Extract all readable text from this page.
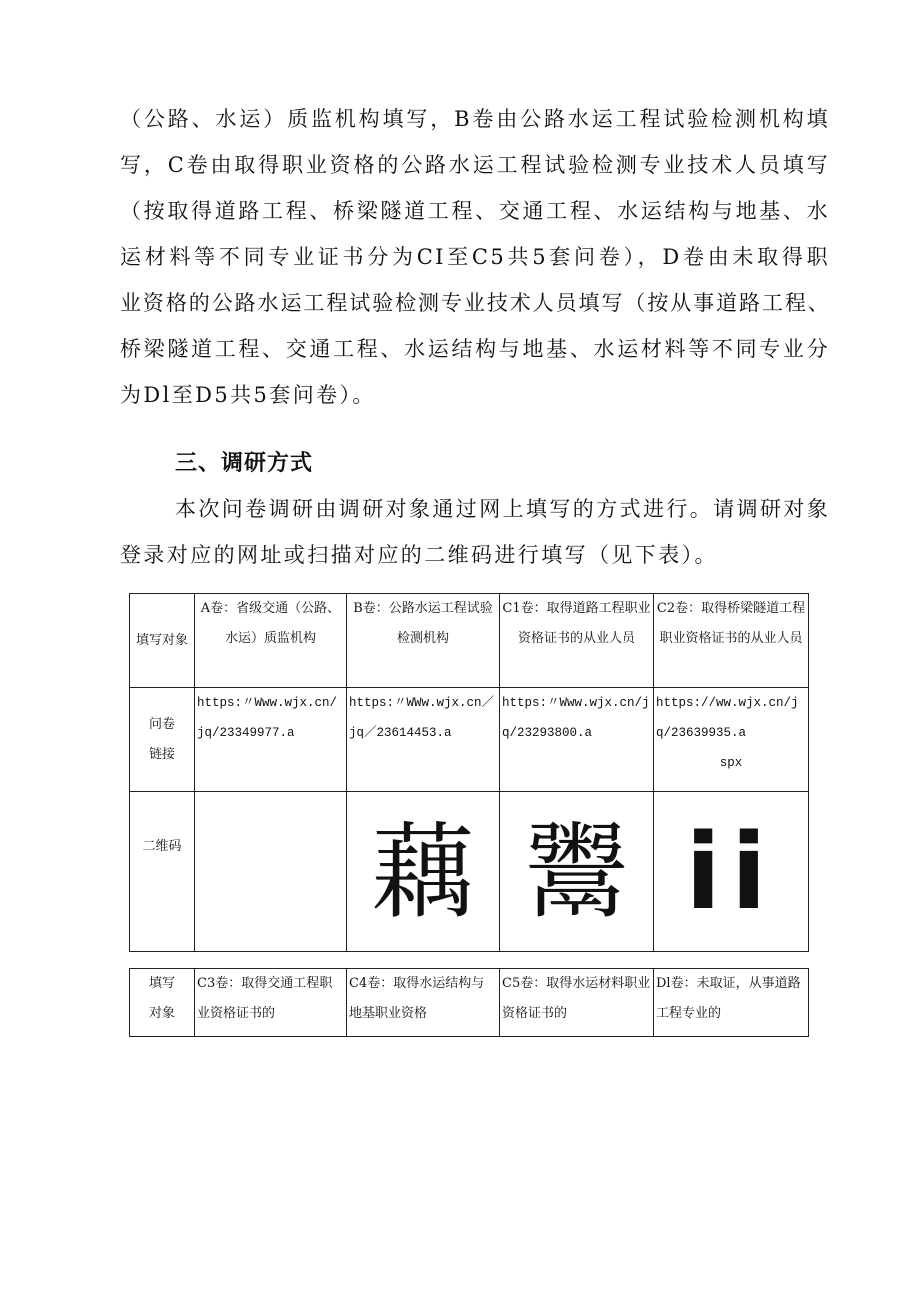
（公路、水运）质监机构填写，B卷由公路水运工程试验检测机构填
写，C卷由取得职业资格的公路水运工程试验检测专业技术人员填写
（按取得道路工程、桥梁隧道工程、交通工程、水运结构与地基、水
运材料等不同专业证书分为CI至C5共5套问卷），D卷由未取得职
业资格的公路水运工程试验检测专业技术人员填写（按从事道路工程、
桥梁隧道工程、交通工程、水运结构与地基、水运材料等不同专业分
为Dl至D5共5套问卷）。
三、调研方式
本次问卷调研由调研对象通过网上填写的方式进行。请调研对象
登录对应的网址或扫描对应的二维码进行填写（见下表）。
填写对象	A卷：省级交通（公路、水运）质监机构	B卷：公路水运工程试验检测机构	C1卷：取得道路工程职业资格证书的从业人员	C2卷：取得桥梁隧道工程职业资格证书的从业人员
问卷链接	https:〃Www.wjx.cn/jq/23349977.a	https:〃WWw.wjx.cn／jq／23614453.a	https:〃Www.wjx.cn/jq/23293800.a	https://ww.wjx.cn/jq/23639935.a

spx

二维码		藕	鬻	ii
填写对象	C3卷：取得交通工程职业资格证书的	C4卷：取得水运结构与地基职业资格	C5卷：取得水运材料职业资格证书的	Dl卷：未取证，从事道路工程专业的
